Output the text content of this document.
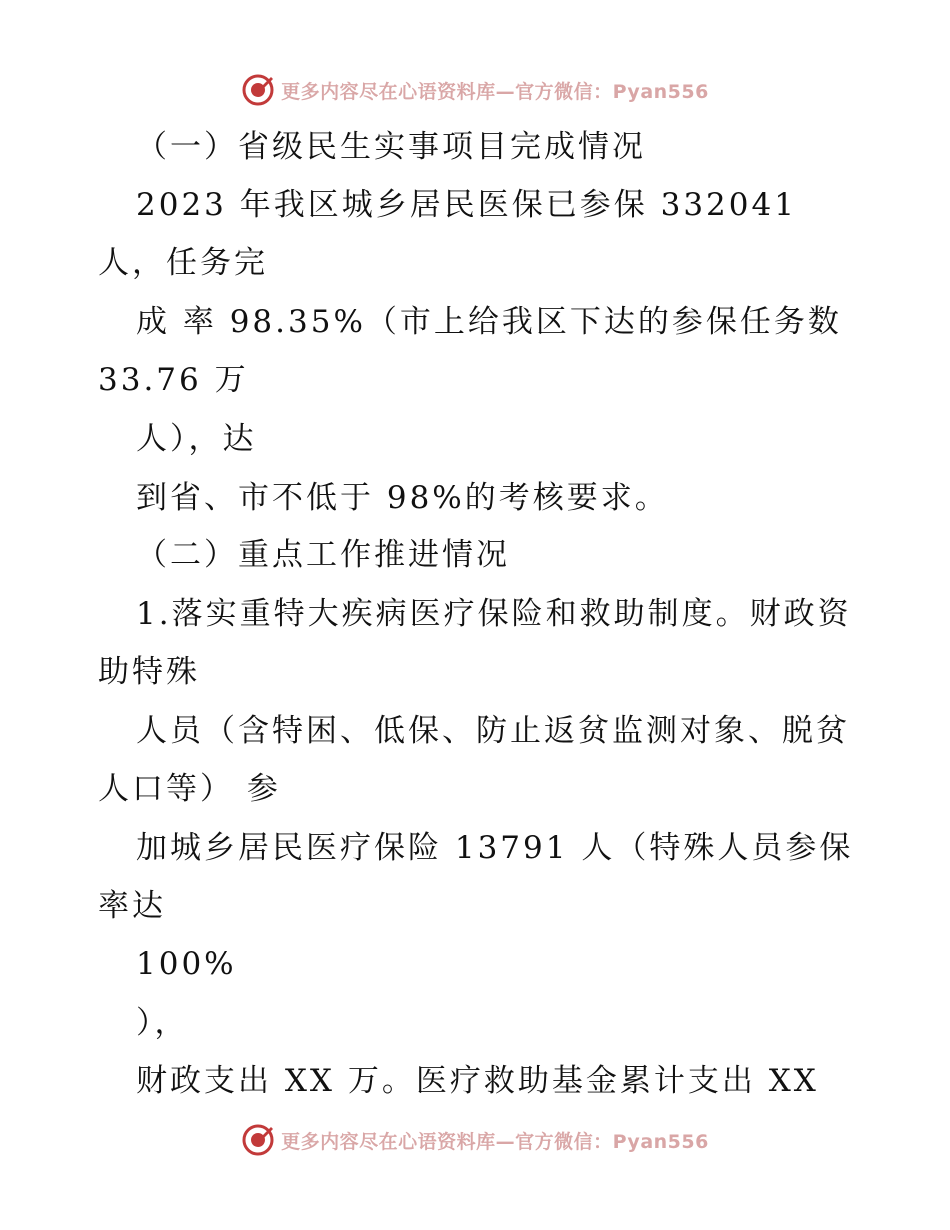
更多内容尽在心语资料库—官方微信：Pyan556
（一）省级民生实事项目完成情况
2023 年我区城乡居民医保已参保 332041
人，任务完
成 率 98.35%（市上给我区下达的参保任务数
33.76 万
人），达
到省、市不低于 98%的考核要求。
（二）重点工作推进情况
1.落实重特大疾病医疗保险和救助制度。财政资
助特殊
人员（含特困、低保、防止返贫监测对象、脱贫
人口等） 参
加城乡居民医疗保险 13791 人（特殊人员参保
率达
100%
），
财政支出 XX 万。医疗救助基金累计支出 XX
更多内容尽在心语资料库—官方微信：Pyan556
